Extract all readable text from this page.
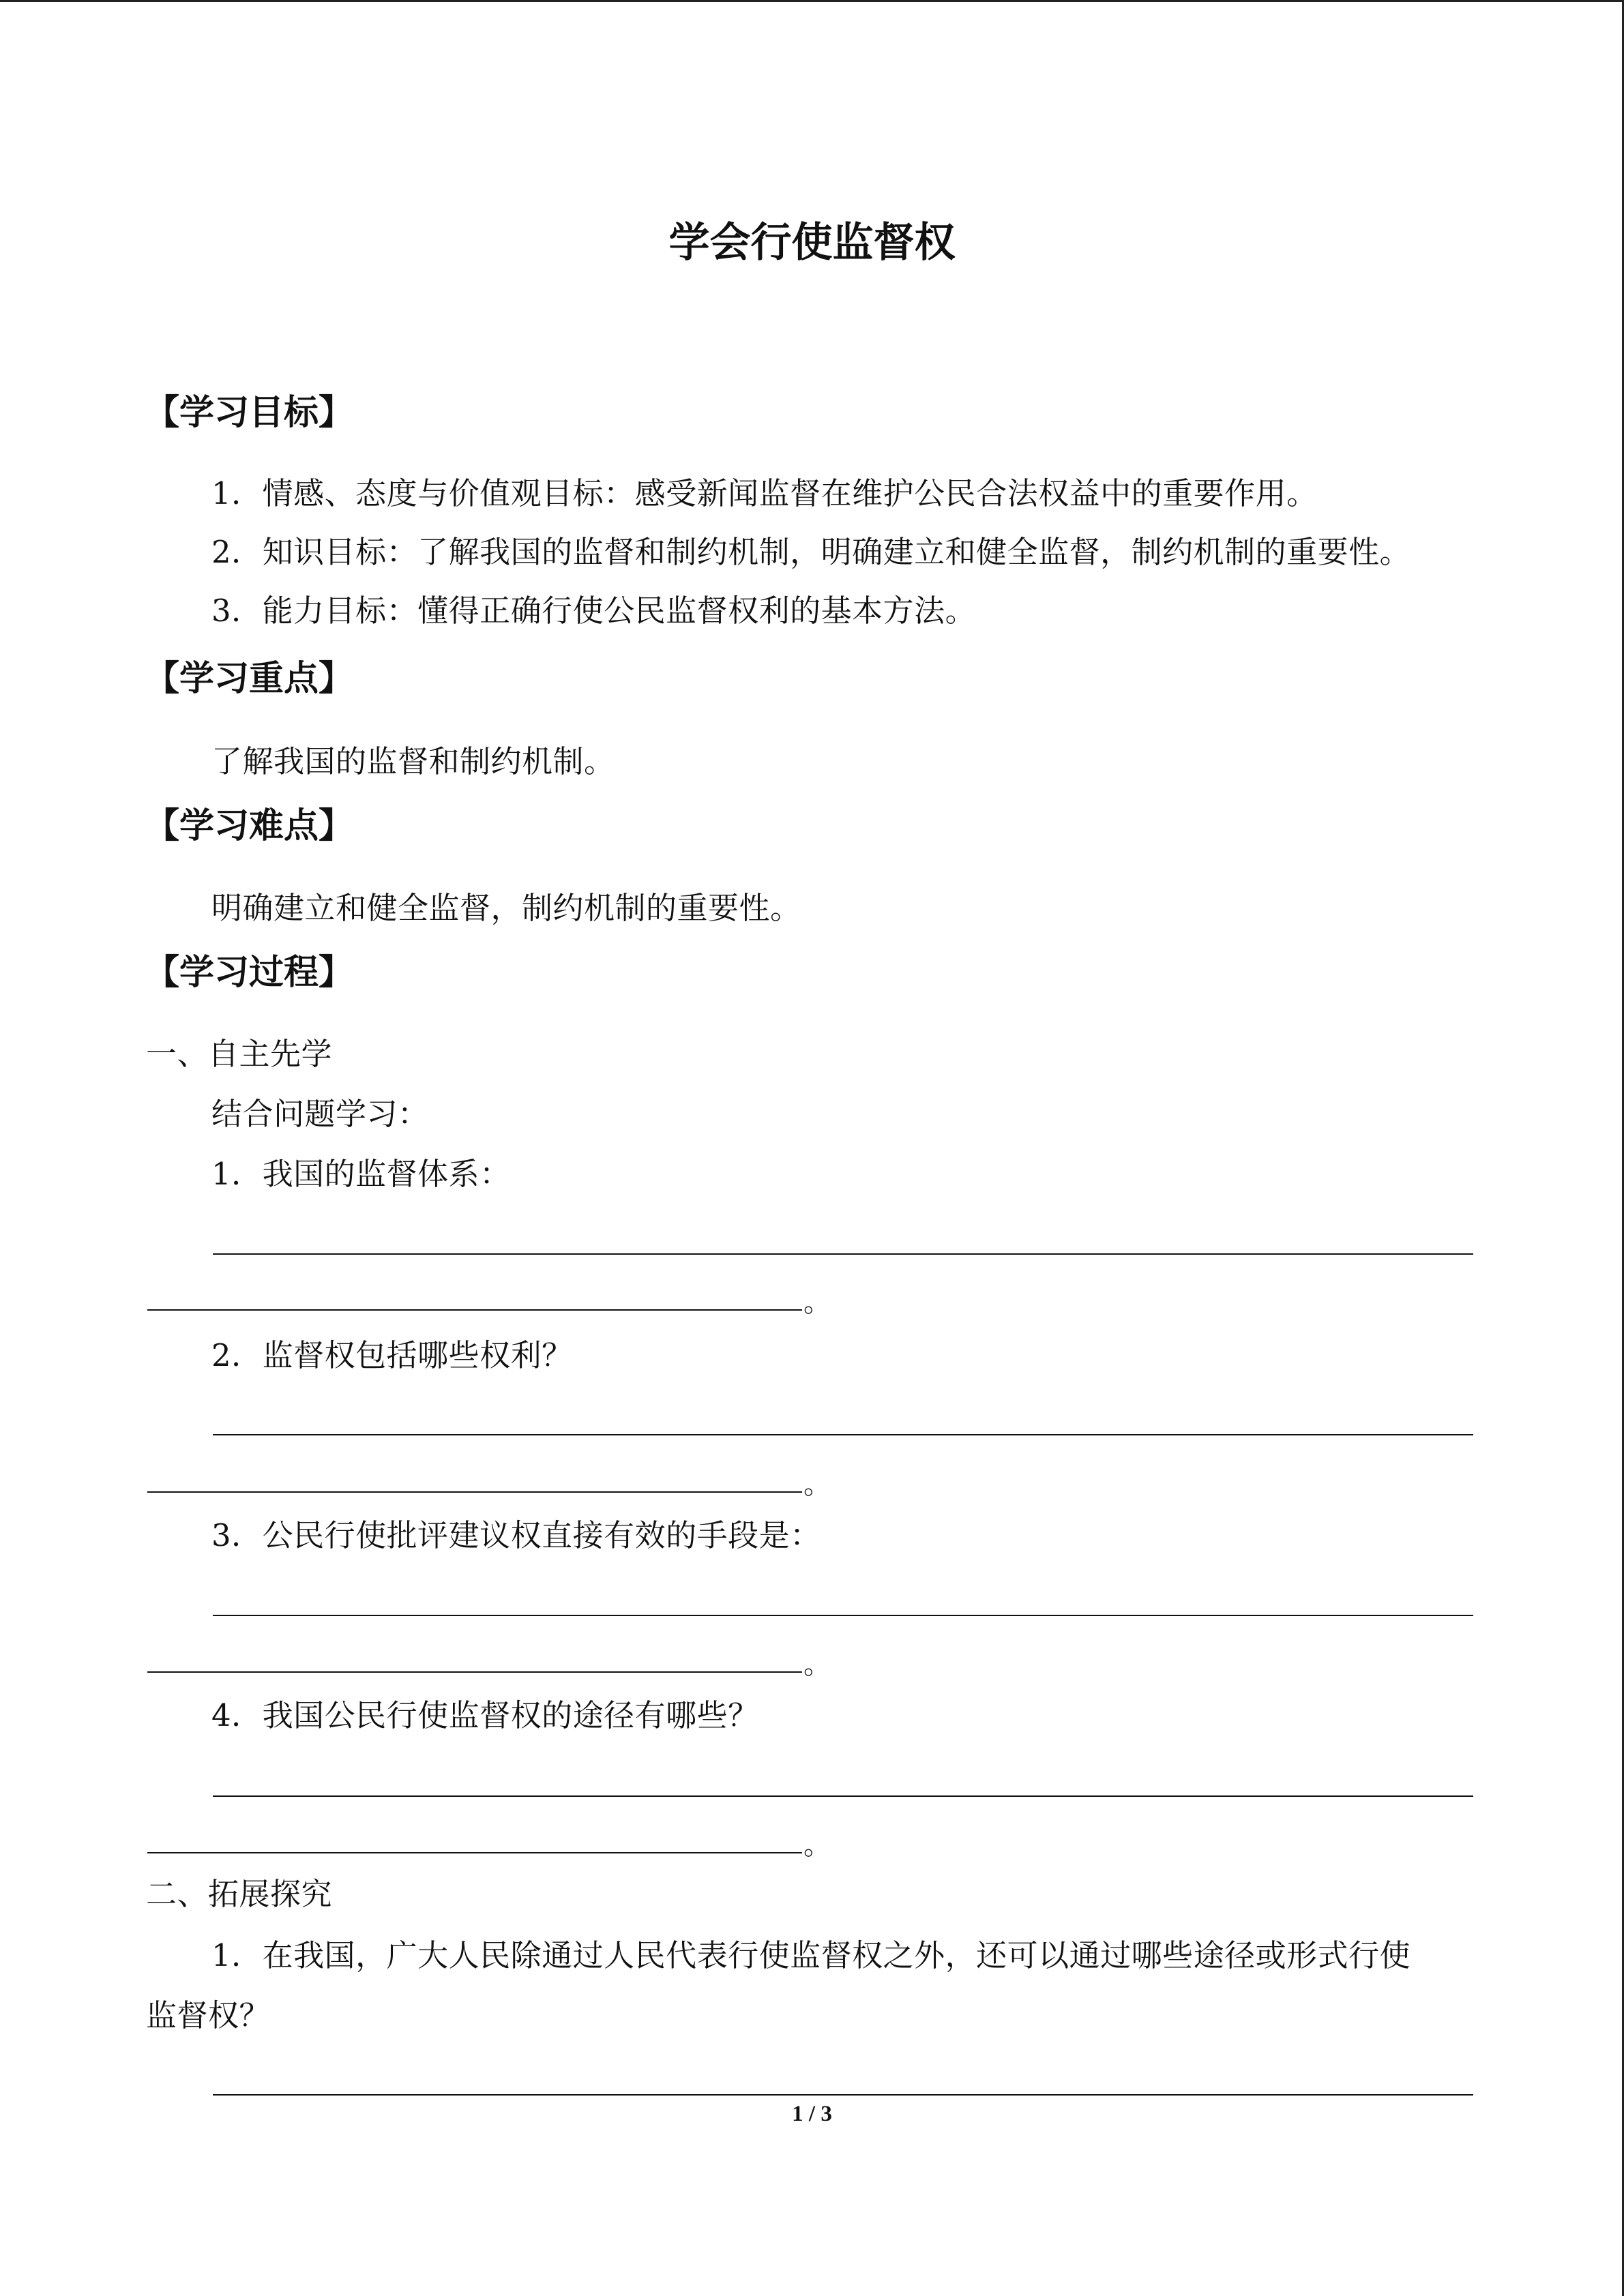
学会行使监督权
【学习目标】
1．情感、态度与价值观目标：感受新闻监督在维护公民合法权益中的重要作用。
2．知识目标：了解我国的监督和制约机制，明确建立和健全监督，制约机制的重要性。
3．能力目标：懂得正确行使公民监督权利的基本方法。
【学习重点】
了解我国的监督和制约机制。
【学习难点】
明确建立和健全监督，制约机制的重要性。
【学习过程】
一、自主先学
结合问题学习：
1．我国的监督体系：
。
2．监督权包括哪些权利？
。
3．公民行使批评建议权直接有效的手段是：
。
4．我国公民行使监督权的途径有哪些？
。
二、拓展探究
1．在我国，广大人民除通过人民代表行使监督权之外，还可以通过哪些途径或形式行使
监督权？
1 / 3
